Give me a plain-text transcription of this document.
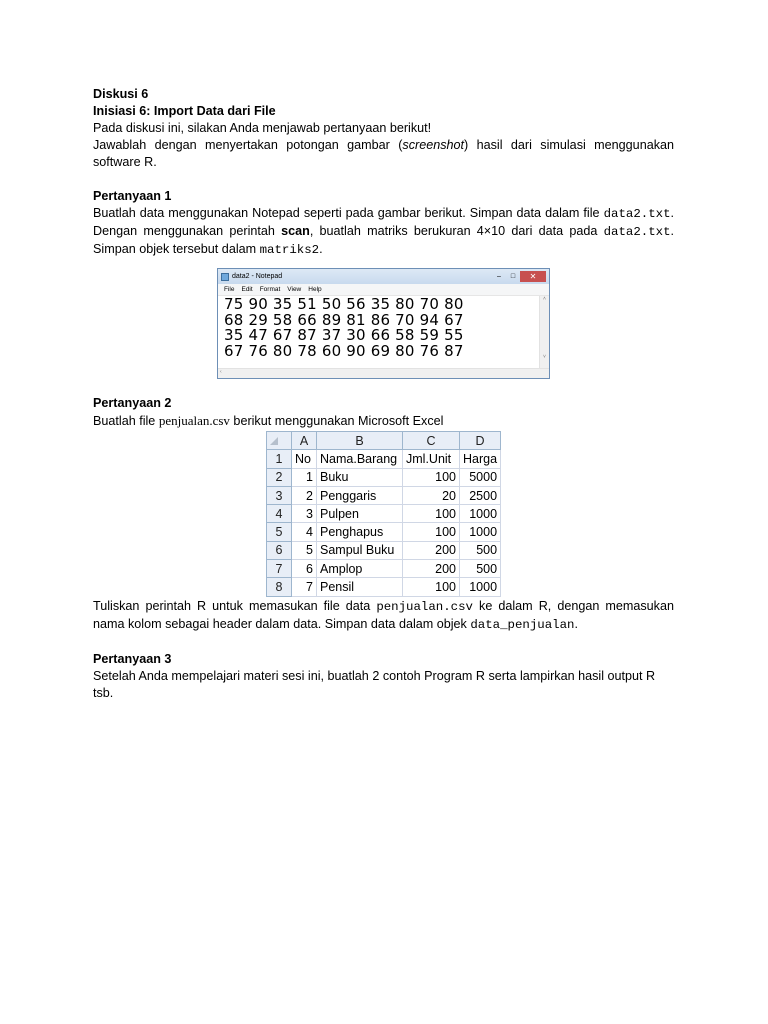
Diskusi 6

Inisiasi 6: Import Data dari File

Pada diskusi ini, silakan Anda menjawab pertanyaan berikut!

Jawablah dengan menyertakan potongan gambar (screenshot) hasil dari simulasi menggunakan software R.

Pertanyaan 1

Buatlah data menggunakan Notepad seperti pada gambar berikut. Simpan data dalam file data2.txt. Dengan menggunakan perintah scan, buatlah matriks berukuran 4×10 dari data pada data2.txt. Simpan objek tersebut dalam matriks2.

data2 - Notepad	–	□	✕
File Edit Format View Help
75 90 35 51 50 56 35 80 70 80
68 29 58 66 89 81 86 70 94 67
35 47 67 87 37 30 66 58 59 55
67 76 80 78 60 90 69 80 76 87
˄
˅
‹

Pertanyaan 2

Buatlah file penjualan.csv berikut menggunakan Microsoft Excel

	A	B	C	D
1	No	Nama.Barang	Jml.Unit	Harga
2	1	Buku	100	5000
3	2	Penggaris	20	2500
4	3	Pulpen	100	1000
5	4	Penghapus	100	1000
6	5	Sampul Buku	200	500
7	6	Amplop	200	500
8	7	Pensil	100	1000

Tuliskan perintah R untuk memasukan file data penjualan.csv ke dalam R, dengan memasukan nama kolom sebagai header dalam data. Simpan data dalam objek data_penjualan.

Pertanyaan 3

Setelah Anda mempelajari materi sesi ini, buatlah 2 contoh Program R serta lampirkan hasil output R tsb.
